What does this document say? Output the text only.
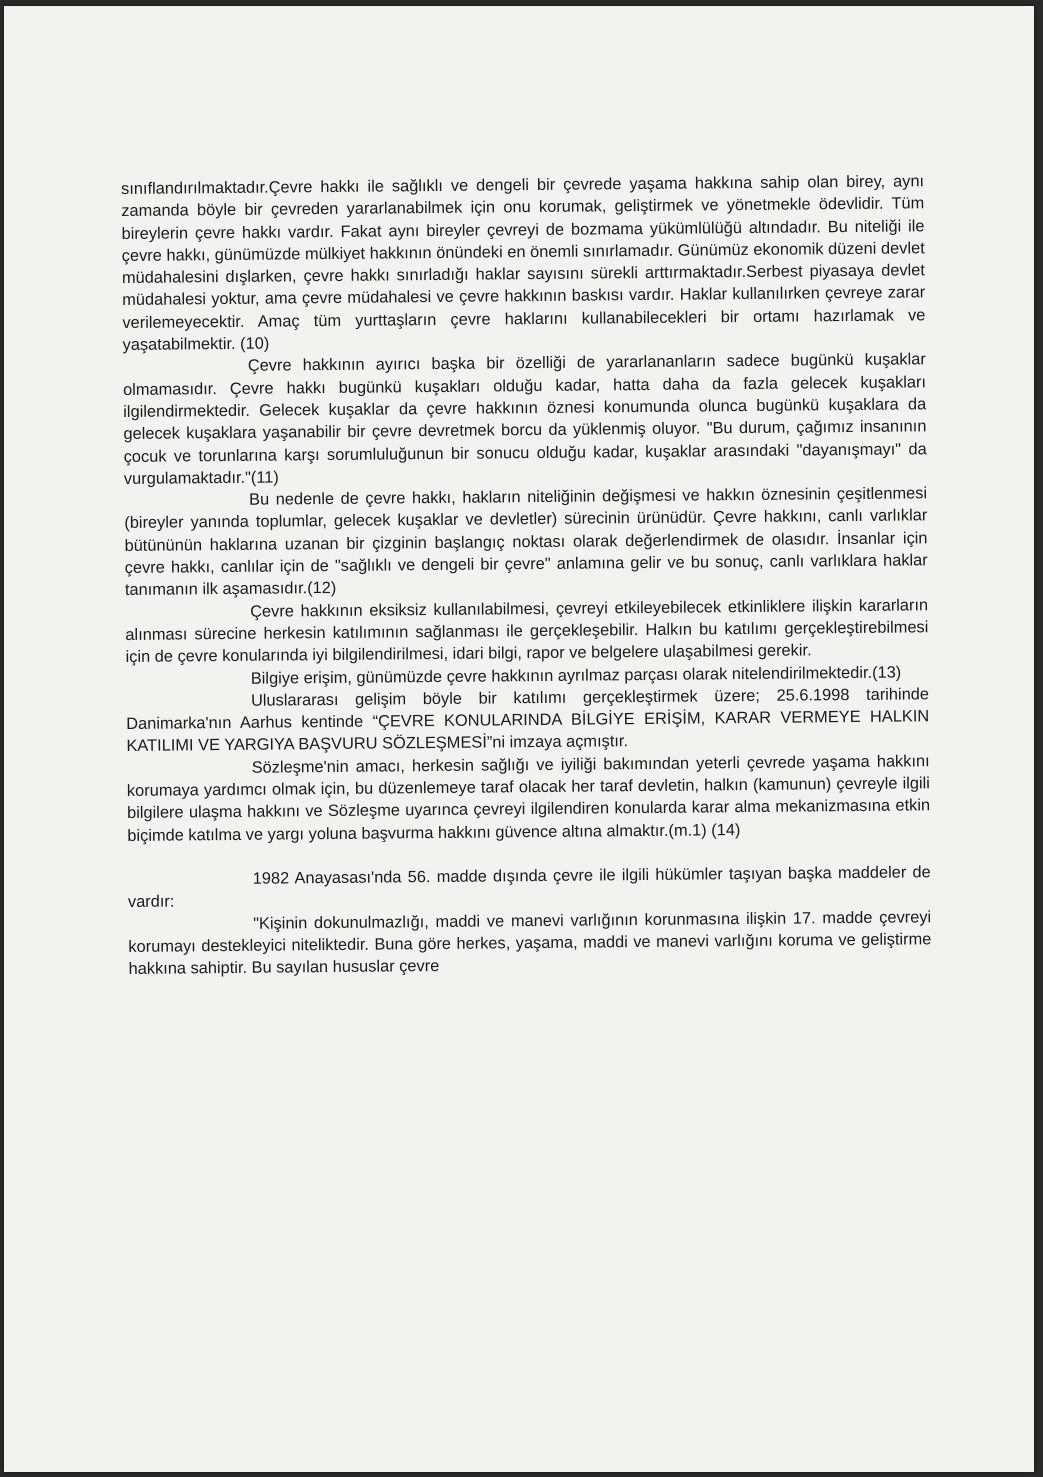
sınıflandırılmaktadır.Çevre hakkı ile sağlıklı ve dengeli bir çevrede yaşama hakkına sahip olan birey, aynı zamanda böyle bir çevreden yararlanabilmek için onu korumak, geliştirmek ve yönetmekle ödevlidir. Tüm bireylerin çevre hakkı vardır. Fakat aynı bireyler çevreyi de bozmama yükümlülüğü altındadır. Bu niteliği ile çevre hakkı, günümüzde mülkiyet hakkının önündeki en önemli sınırlamadır. Günümüz ekonomik düzeni devlet müdahalesini dışlarken, çevre hakkı sınırladığı haklar sayısını sürekli arttırmaktadır.Serbest piyasaya devlet müdahalesi yoktur, ama çevre müdahalesi ve çevre hakkının baskısı vardır. Haklar kullanılırken çevreye zarar verilemeyecektir. Amaç tüm yurttaşların çevre haklarını kullanabilecekleri bir ortamı hazırlamak ve yaşatabilmektir. (10)

Çevre hakkının ayırıcı başka bir özelliği de yararlananların sadece bugünkü kuşaklar olmamasıdır. Çevre hakkı bugünkü kuşakları olduğu kadar, hatta daha da fazla gelecek kuşakları ilgilendirmektedir. Gelecek kuşaklar da çevre hakkının öznesi konumunda olunca bugünkü kuşaklara da gelecek kuşaklara yaşanabilir bir çevre devretmek borcu da yüklenmiş oluyor. "Bu durum, çağımız insanının çocuk ve torunlarına karşı sorumluluğunun bir sonucu olduğu kadar, kuşaklar arasındaki "dayanışmayı" da vurgulamaktadır."(11)

Bu nedenle de çevre hakkı, hakların niteliğinin değişmesi ve hakkın öznesinin çeşitlenmesi (bireyler yanında toplumlar, gelecek kuşaklar ve devletler) sürecinin ürünüdür. Çevre hakkını, canlı varlıklar bütününün haklarına uzanan bir çizginin başlangıç noktası olarak değerlendirmek de olasıdır. İnsanlar için çevre hakkı, canlılar için de "sağlıklı ve dengeli bir çevre" anlamına gelir ve bu sonuç, canlı varlıklara haklar tanımanın ilk aşamasıdır.(12)

Çevre hakkının eksiksiz kullanılabilmesi, çevreyi etkileyebilecek etkinliklere ilişkin kararların alınması sürecine herkesin katılımının sağlanması ile gerçekleşebilir. Halkın bu katılımı gerçekleştirebilmesi için de çevre konularında iyi bilgilendirilmesi, idari bilgi, rapor ve belgelere ulaşabilmesi gerekir.

Bilgiye erişim, günümüzde çevre hakkının ayrılmaz parçası olarak nitelendirilmektedir.(13)

Uluslararası gelişim böyle bir katılımı gerçekleştirmek üzere; 25.6.1998 tarihinde Danimarka'nın Aarhus kentinde “ÇEVRE KONULARINDA BİLGİYE ERİŞİM, KARAR VERMEYE HALKIN KATILIMI VE YARGIYA BAŞVURU SÖZLEŞMESİ”ni imzaya açmıştır.

Sözleşme'nin amacı, herkesin sağlığı ve iyiliği bakımından yeterli çevrede yaşama hakkını korumaya yardımcı olmak için, bu düzenlemeye taraf olacak her taraf devletin, halkın (kamunun) çevreyle ilgili bilgilere ulaşma hakkını ve Sözleşme uyarınca çevreyi ilgilendiren konularda karar alma mekanizmasına etkin biçimde katılma ve yargı yoluna başvurma hakkını güvence altına almaktır.(m.1) (14)

1982 Anayasası'nda 56. madde dışında çevre ile ilgili hükümler taşıyan başka maddeler de vardır:

"Kişinin dokunulmazlığı, maddi ve manevi varlığının korunmasına ilişkin 17. madde çevreyi korumayı destekleyici niteliktedir. Buna göre herkes, yaşama, maddi ve manevi varlığını koruma ve geliştirme hakkına sahiptir. Bu sayılan hususlar çevre
